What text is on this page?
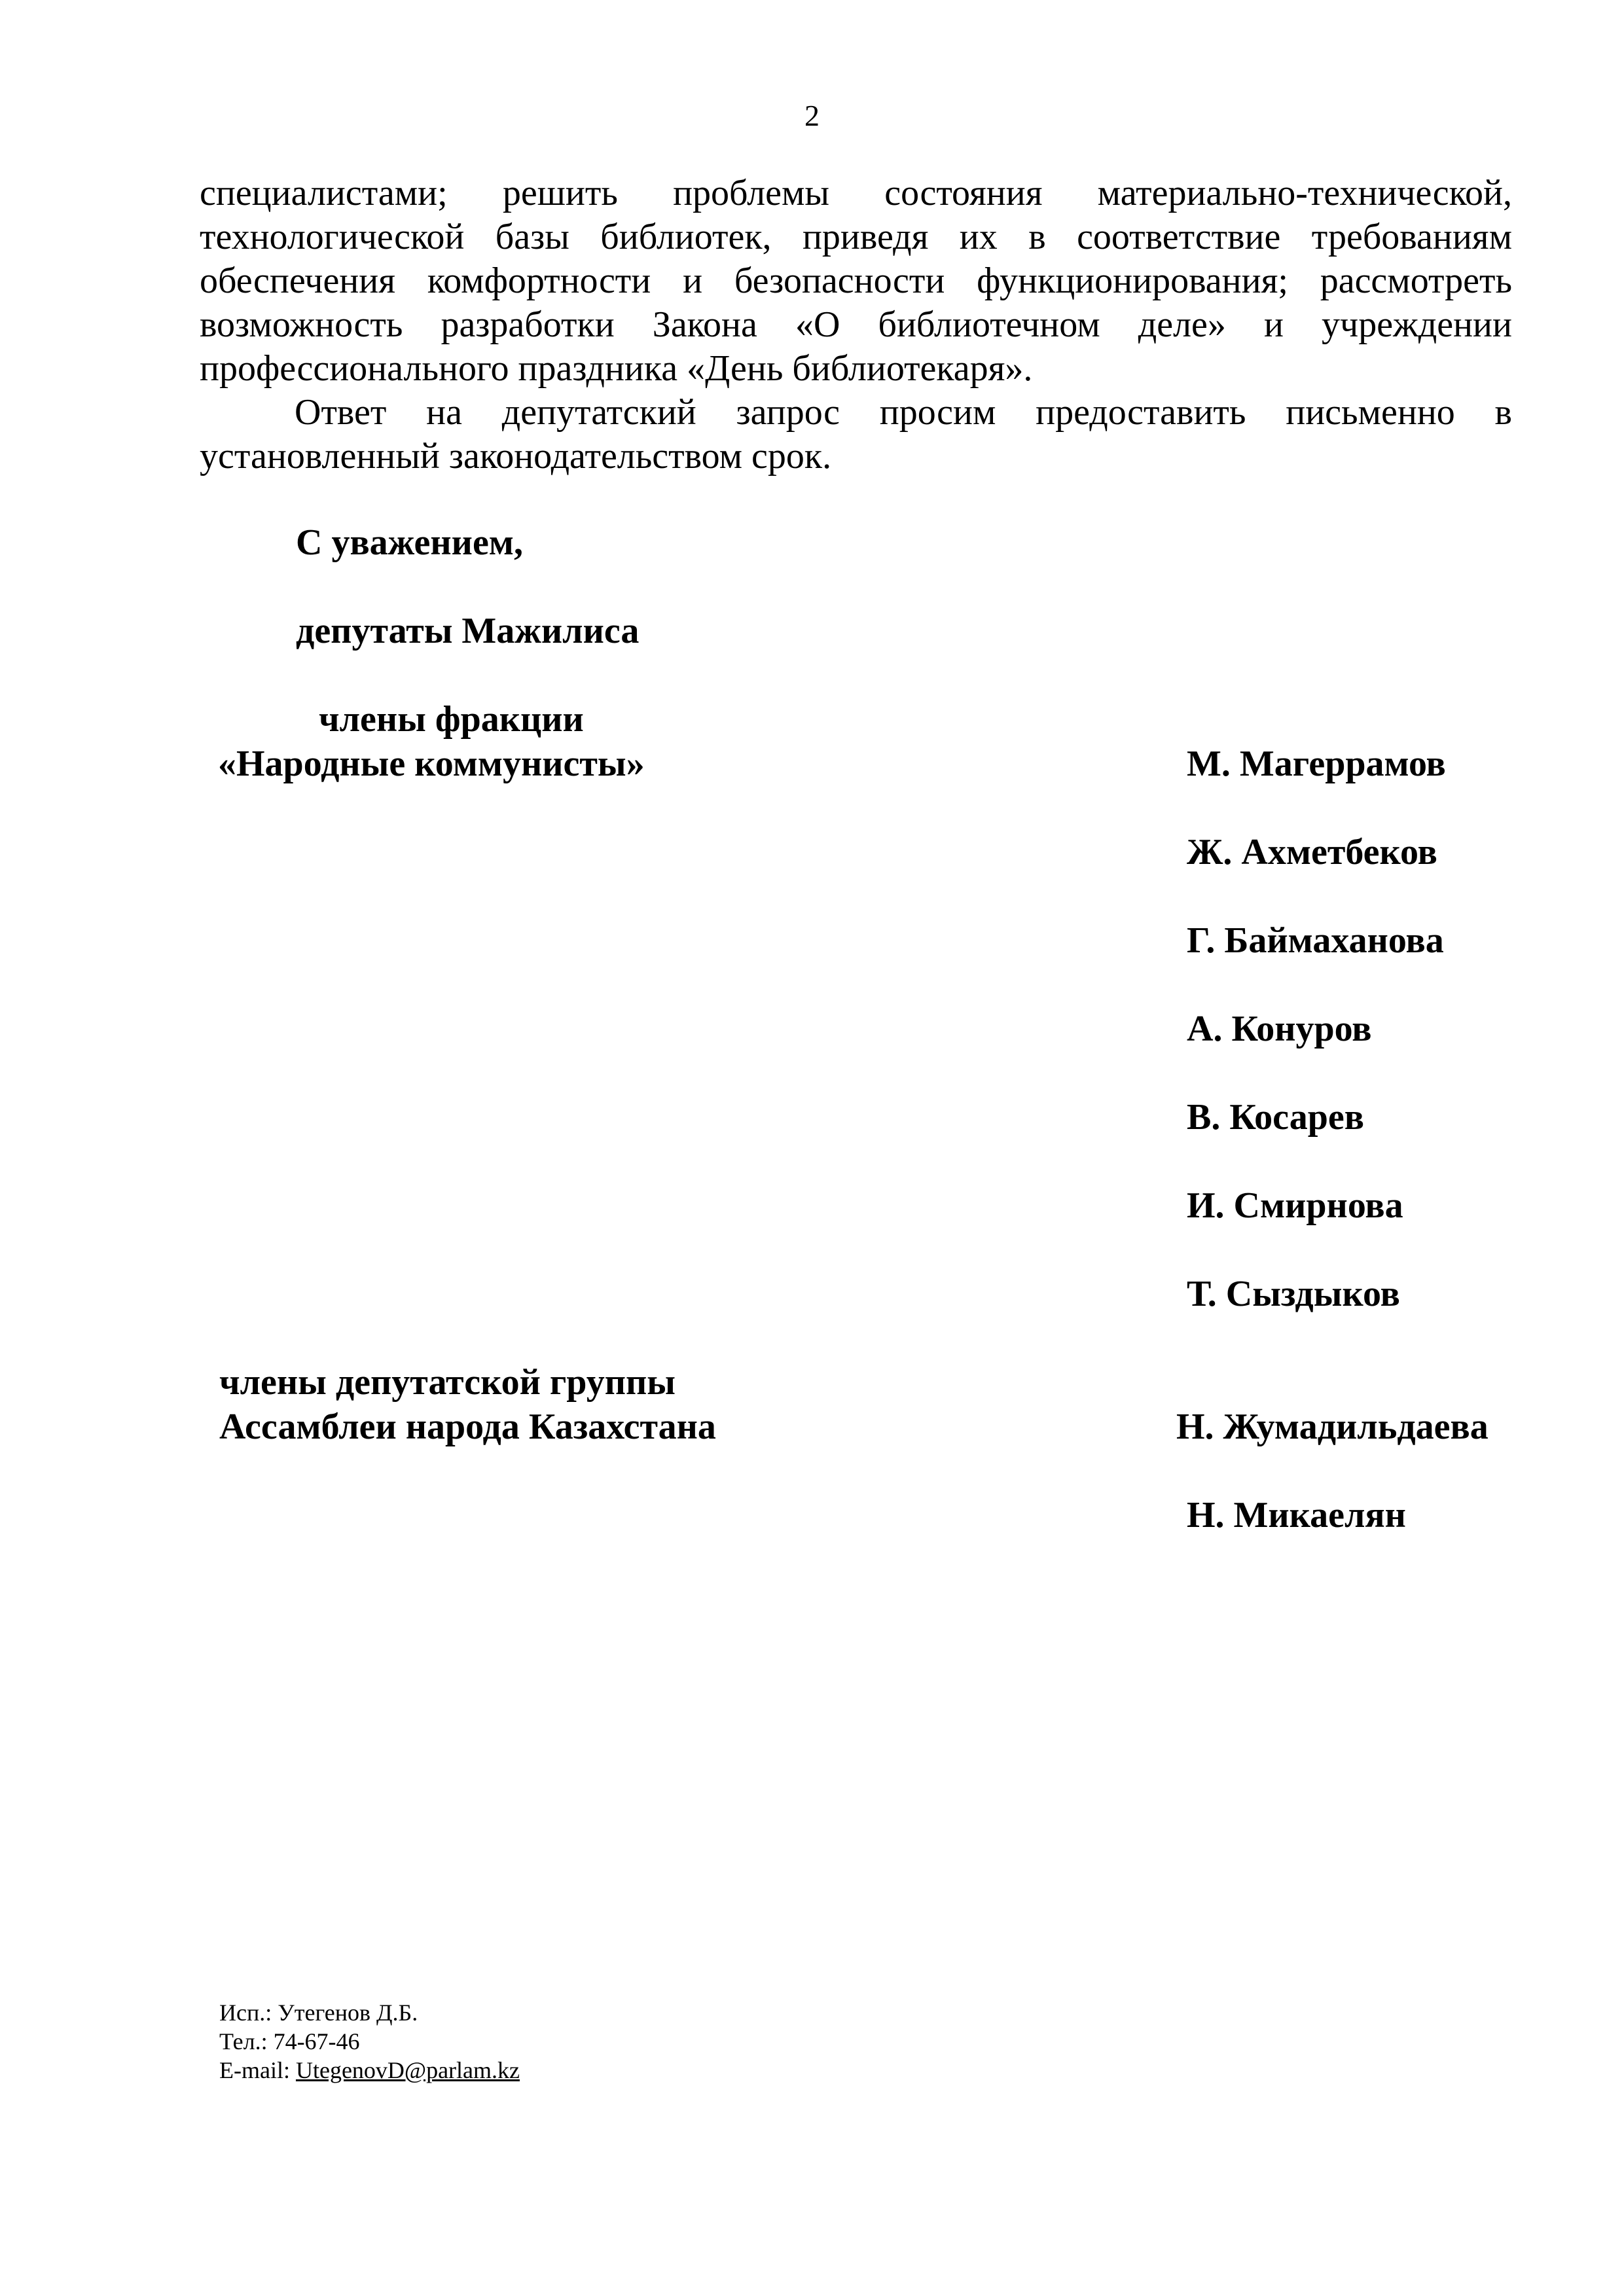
2

специалистами; решить проблемы состояния материально-технической, технологической базы библиотек, приведя их в соответствие требованиям обеспечения комфортности и безопасности функционирования; рассмотреть возможность разработки Закона «О библиотечном деле» и учреждении профессионального праздника «День библиотекаря».

Ответ на депутатский запрос просим предоставить письменно в установленный законодательством срок.

С уважением,
депутаты Мажилиса
члены фракции
«Народные коммунисты»	М. Магеррамов
Ж. Ахметбеков
Г. Баймаханова
А. Конуров
В. Косарев
И. Смирнова
Т. Сыздыков
члены депутатской группы
Ассамблеи народа Казахстана	Н. Жумадильдаева
Н. Микаелян
Исп.: Утегенов Д.Б.
Тел.: 74-67-46
E-mail: UtegenovD@parlam.kz
